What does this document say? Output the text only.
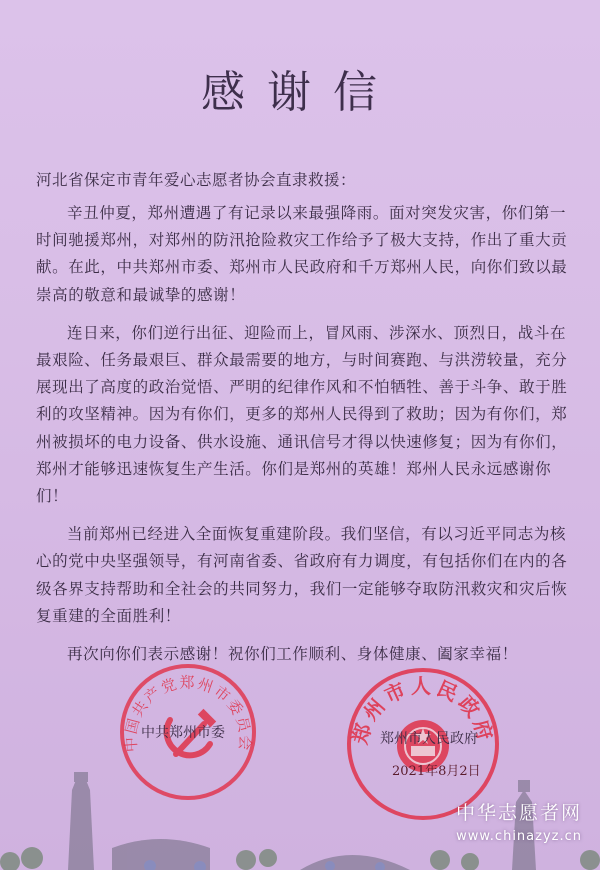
感谢信
河北省保定市青年爱心志愿者协会直隶救援：

辛丑仲夏，郑州遭遇了有记录以来最强降雨。面对突发灾害，你们第一时间驰援郑州，对郑州的防汛抢险救灾工作给予了极大支持，作出了重大贡献。在此，中共郑州市委、郑州市人民政府和千万郑州人民，向你们致以最崇高的敬意和最诚挚的感谢！

连日来，你们逆行出征、迎险而上，冒风雨、涉深水、顶烈日，战斗在最艰险、任务最艰巨、群众最需要的地方，与时间赛跑、与洪涝较量，充分展现出了高度的政治觉悟、严明的纪律作风和不怕牺牲、善于斗争、敢于胜利的攻坚精神。因为有你们，更多的郑州人民得到了救助；因为有你们，郑州被损坏的电力设备、供水设施、通讯信号才得以快速修复；因为有你们，郑州才能够迅速恢复生产生活。你们是郑州的英雄！郑州人民永远感谢你们！

当前郑州已经进入全面恢复重建阶段。我们坚信，有以习近平同志为核心的党中央坚强领导，有河南省委、省政府有力调度，有包括你们在内的各级各界支持帮助和全社会的共同努力，我们一定能够夺取防汛救灾和灾后恢复重建的全面胜利！

再次向你们表示感谢！祝你们工作顺利、身体健康、阖家幸福！

中国共产党郑州市委员会	郑州市人民政府
中共郑州市委	郑州市人民政府
2021年8月2日
中华志愿者网
www.chinazyz.cn
